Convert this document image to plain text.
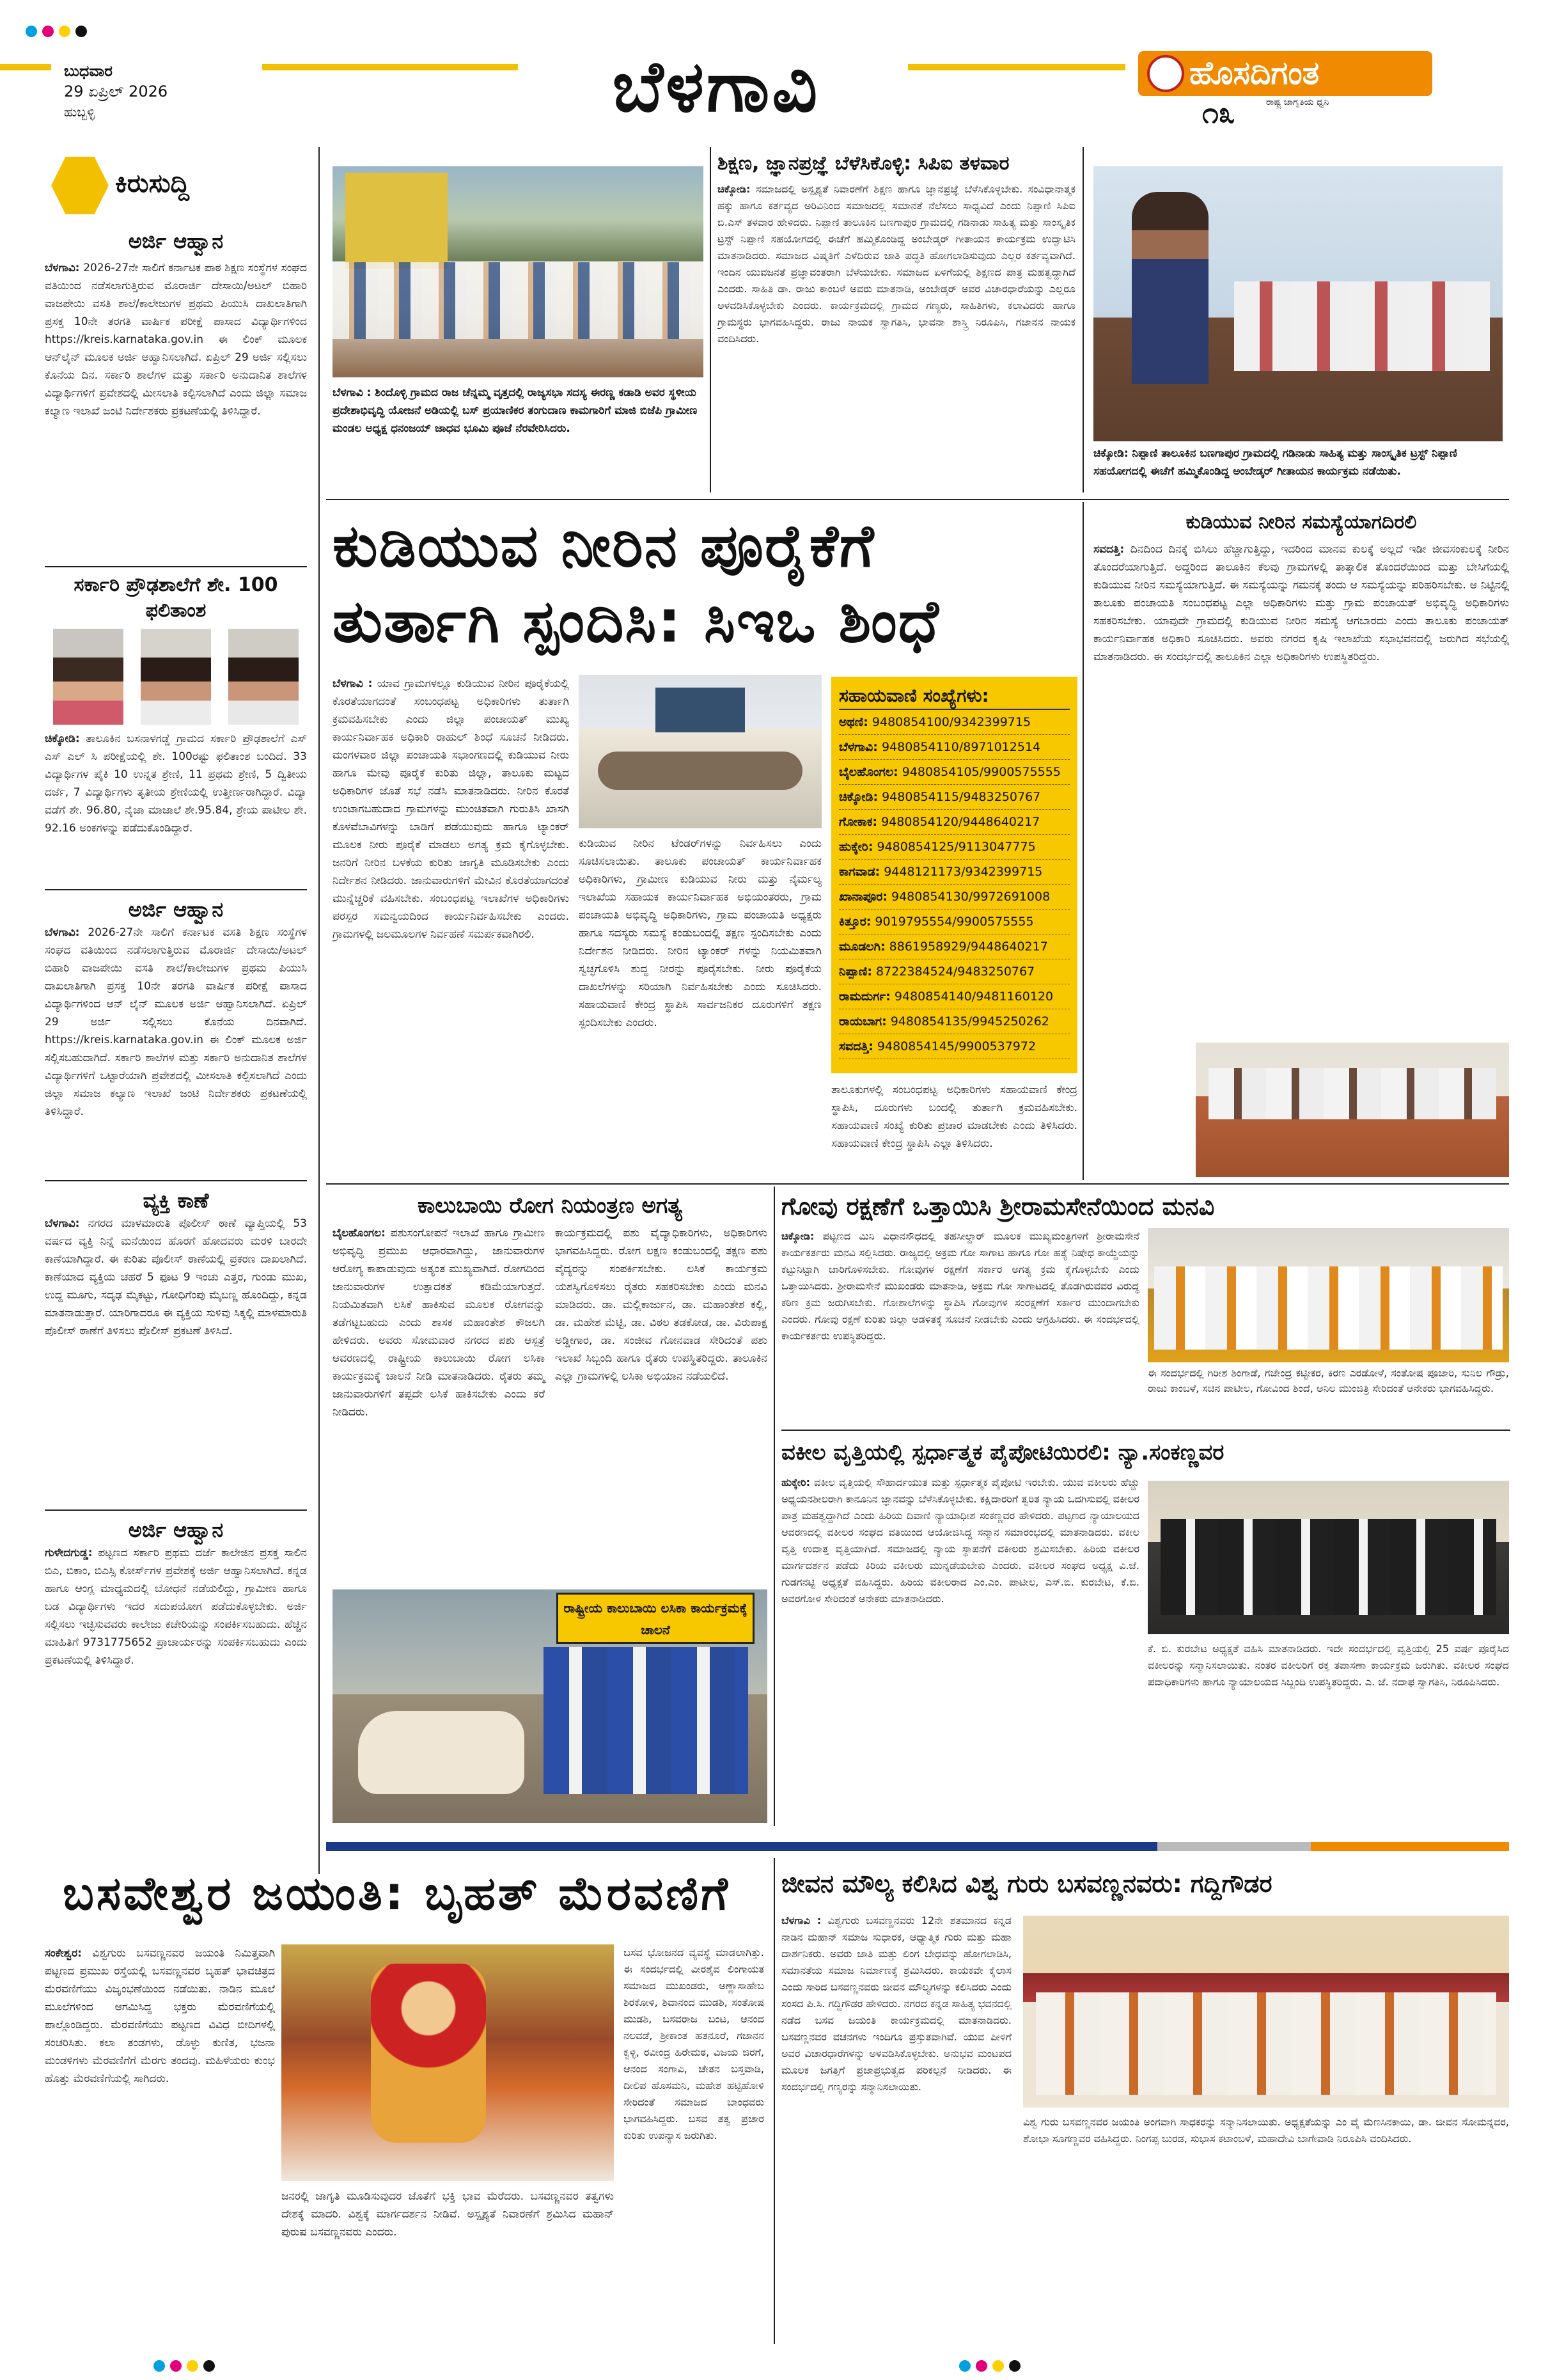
ಬುಧವಾರ
29 ಏಪ್ರಿಲ್ 2026
ಹುಬ್ಬಳ್ಳಿ	ಬೆಳಗಾವಿ	ಹೊಸದಿಗಂತ
ರಾಷ್ಟ್ರ ಜಾಗೃತಿಯ ಧ್ವನಿ
೧೩
ಕಿರುಸುದ್ದಿ
ಅರ್ಜಿ ಆಹ್ವಾನ
ಬೆಳಗಾವಿ: 2026-27ನೇ ಸಾಲಿಗೆ ಕರ್ನಾಟಕ ಪಾಠ ಶಿಕ್ಷಣ ಸಂಸ್ಥೆಗಳ ಸಂಘದ ವತಿಯಿಂದ ನಡೆಸಲಾಗುತ್ತಿರುವ ಮೊರಾರ್ಜಿ ದೇಸಾಯಿ/ಅಟಲ್ ಬಿಹಾರಿ ವಾಜಪೇಯಿ ವಸತಿ ಶಾಲೆ/ಕಾಲೇಜುಗಳ ಪ್ರಥಮ ಪಿಯುಸಿ ದಾಖಲಾತಿಗಾಗಿ ಪ್ರಸಕ್ತ 10ನೇ ತರಗತಿ ವಾರ್ಷಿಕ ಪರೀಕ್ಷೆ ಪಾಸಾದ ವಿದ್ಯಾರ್ಥಿಗಳಿಂದ https://kreis.karnataka.gov.in ಈ ಲಿಂಕ್ ಮೂಲಕ ಆನ್‌ಲೈನ್ ಮೂಲಕ ಅರ್ಜಿ ಆಹ್ವಾನಿಸಲಾಗಿದೆ. ಏಪ್ರಿಲ್ 29 ಅರ್ಜಿ ಸಲ್ಲಿಸಲು ಕೊನೆಯ ದಿನ. ಸರ್ಕಾರಿ ಶಾಲೆಗಳ ಮತ್ತು ಸರ್ಕಾರಿ ಅನುದಾನಿತ ಶಾಲೆಗಳ ವಿದ್ಯಾರ್ಥಿಗಳಿಗೆ ಪ್ರವೇಶದಲ್ಲಿ ಮೀಸಲಾತಿ ಕಲ್ಪಿಸಲಾಗಿದೆ ಎಂದು ಜಿಲ್ಲಾ ಸಮಾಜ ಕಲ್ಯಾಣ ಇಲಾಖೆ ಜಂಟಿ ನಿರ್ದೇಶಕರು ಪ್ರಕಟಣೆಯಲ್ಲಿ ತಿಳಿಸಿದ್ದಾರೆ.
ಸರ್ಕಾರಿ ಪ್ರೌಢಶಾಲೆಗೆ ಶೇ. 100 ಫಲಿತಾಂಶ
ಚಿಕ್ಕೋಡಿ: ತಾಲೂಕಿನ ಬಸನಾಳಗಡ್ಡೆ ಗ್ರಾಮದ ಸರ್ಕಾರಿ ಪ್ರೌಢಶಾಲೆಗೆ ಎಸ್ ಎಸ್ ಎಲ್ ಸಿ ಪರೀಕ್ಷೆಯಲ್ಲಿ ಶೇ. 100ರಷ್ಟು ಫಲಿತಾಂಶ ಬಂದಿದೆ. 33 ವಿದ್ಯಾರ್ಥಿಗಳ ಪೈಕಿ 10 ಉನ್ನತ ಶ್ರೇಣಿ, 11 ಪ್ರಥಮ ಶ್ರೇಣಿ, 5 ದ್ವಿತೀಯ ದರ್ಜೆ, 7 ವಿದ್ಯಾರ್ಥಿಗಳು ತೃತೀಯ ಶ್ರೇಣಿಯಲ್ಲಿ ಉತ್ತೀರ್ಣರಾಗಿದ್ದಾರೆ. ವಿದ್ಯಾ ವಡೆಗೆ ಶೇ. 96.80, ನೈಜಾ ಮಾಜಾಲೆ ಶೇ.95.84, ಶ್ರೇಯ ಪಾಟೀಲ ಶೇ. 92.16 ಅಂಕಗಳನ್ನು ಪಡೆದುಕೊಂಡಿದ್ದಾರೆ.
ಅರ್ಜಿ ಆಹ್ವಾನ
ಬೆಳಗಾವಿ: 2026-27ನೇ ಸಾಲಿಗೆ ಕರ್ನಾಟಕ ವಸತಿ ಶಿಕ್ಷಣ ಸಂಸ್ಥೆಗಳ ಸಂಘದ ವತಿಯಿಂದ ನಡೆಸಲಾಗುತ್ತಿರುವ ಮೊರಾರ್ಜಿ ದೇಸಾಯಿ/ಅಟಲ್ ಬಿಹಾರಿ ವಾಜಪೇಯಿ ವಸತಿ ಶಾಲೆ/ಕಾಲೇಜುಗಳ ಪ್ರಥಮ ಪಿಯುಸಿ ದಾಖಲಾತಿಗಾಗಿ ಪ್ರಸಕ್ತ 10ನೇ ತರಗತಿ ವಾರ್ಷಿಕ ಪರೀಕ್ಷೆ ಪಾಸಾದ ವಿದ್ಯಾರ್ಥಿಗಳಿಂದ ಆನ್ ಲೈನ್ ಮೂಲಕ ಅರ್ಜಿ ಆಹ್ವಾನಿಸಲಾಗಿದೆ. ಏಪ್ರಿಲ್ 29 ಅರ್ಜಿ ಸಲ್ಲಿಸಲು ಕೊನೆಯ ದಿನವಾಗಿದೆ. https://kreis.karnataka.gov.in ಈ ಲಿಂಕ್ ಮೂಲಕ ಅರ್ಜಿ ಸಲ್ಲಿಸಬಹುದಾಗಿದೆ. ಸರ್ಕಾರಿ ಶಾಲೆಗಳ ಮತ್ತು ಸರ್ಕಾರಿ ಅನುದಾನಿತ ಶಾಲೆಗಳ ವಿದ್ಯಾರ್ಥಿಗಳಿಗೆ ಒಟ್ಟಾರೆಯಾಗಿ ಪ್ರವೇಶದಲ್ಲಿ ಮೀಸಲಾತಿ ಕಲ್ಪಿಸಲಾಗಿದೆ ಎಂದು ಜಿಲ್ಲಾ ಸಮಾಜ ಕಲ್ಯಾಣ ಇಲಾಖೆ ಜಂಟಿ ನಿರ್ದೇಶಕರು ಪ್ರಕಟಣೆಯಲ್ಲಿ ತಿಳಿಸಿದ್ದಾರೆ.
ವ್ಯಕ್ತಿ ಕಾಣೆ
ಬೆಳಗಾವಿ: ನಗರದ ಮಾಳಮಾರುತಿ ಪೊಲೀಸ್ ಠಾಣೆ ವ್ಯಾಪ್ತಿಯಲ್ಲಿ 53 ವರ್ಷದ ವ್ಯಕ್ತಿ ನಿನ್ನೆ ಮನೆಯಿಂದ ಹೊರಗೆ ಹೋದವರು ಮರಳಿ ಬಾರದೇ ಕಾಣೆಯಾಗಿದ್ದಾರೆ. ಈ ಕುರಿತು ಪೊಲೀಸ್ ಠಾಣೆಯಲ್ಲಿ ಪ್ರಕರಣ ದಾಖಲಾಗಿದೆ. ಕಾಣೆಯಾದ ವ್ಯಕ್ತಿಯ ಚಹರೆ 5 ಫೂಟ 9 ಇಂಚು ಎತ್ತರ, ಗುಂಡು ಮುಖ, ಉದ್ದ ಮೂಗು, ಸದೃಢ ಮೈಕಟ್ಟು, ಗೋಧಿಗೆಂಪು ಮೈಬಣ್ಣ ಹೊಂದಿದ್ದು, ಕನ್ನಡ ಮಾತನಾಡುತ್ತಾರೆ. ಯಾರಿಗಾದರೂ ಈ ವ್ಯಕ್ತಿಯ ಸುಳಿವು ಸಿಕ್ಕಲ್ಲಿ ಮಾಳಮಾರುತಿ ಪೊಲೀಸ್ ಠಾಣೆಗೆ ತಿಳಿಸಲು ಪೊಲೀಸ್ ಪ್ರಕಟಣೆ ತಿಳಿಸಿದೆ.
ಅರ್ಜಿ ಆಹ್ವಾನ
ಗುಳೇದಗುಡ್ಡ: ಪಟ್ಟಣದ ಸರ್ಕಾರಿ ಪ್ರಥಮ ದರ್ಜೆ ಕಾಲೇಜಿನ ಪ್ರಸಕ್ತ ಸಾಲಿನ ಬಿಎ, ಬಿಕಾಂ, ಬಿಎಸ್ಸಿ ಕೋರ್ಸ್‌ಗಳ ಪ್ರವೇಶಕ್ಕೆ ಅರ್ಜಿ ಆಹ್ವಾನಿಸಲಾಗಿದೆ. ಕನ್ನಡ ಹಾಗೂ ಆಂಗ್ಲ ಮಾಧ್ಯಮದಲ್ಲಿ ಬೋಧನೆ ನಡೆಯಲಿದ್ದು, ಗ್ರಾಮೀಣ ಹಾಗೂ ಬಡ ವಿದ್ಯಾರ್ಥಿಗಳು ಇದರ ಸದುಪಯೋಗ ಪಡೆದುಕೊಳ್ಳಬೇಕು. ಅರ್ಜಿ ಸಲ್ಲಿಸಲು ಇಚ್ಛಿಸುವವರು ಕಾಲೇಜು ಕಚೇರಿಯನ್ನು ಸಂಪರ್ಕಿಸಬಹುದು. ಹೆಚ್ಚಿನ ಮಾಹಿತಿಗೆ 9731775652 ಪ್ರಾಚಾರ್ಯರನ್ನು ಸಂಪರ್ಕಿಸಬಹುದು ಎಂದು ಪ್ರಕಟಣೆಯಲ್ಲಿ ತಿಳಿಸಿದ್ದಾರೆ.
ಬೆಳಗಾವಿ : ಶಿಂದೊಳ್ಳಿ ಗ್ರಾಮದ ರಾಜ ಚೆನ್ನಮ್ಮ ವೃತ್ತದಲ್ಲಿ ರಾಜ್ಯಸಭಾ ಸದಸ್ಯ ಈರಣ್ಣ ಕಡಾಡಿ ಅವರ ಸ್ಥಳೀಯ ಪ್ರದೇಶಾಭಿವೃದ್ಧಿ ಯೋಜನೆ ಅಡಿಯಲ್ಲಿ ಬಸ್ ಪ್ರಯಾಣಿಕರ ತಂಗುದಾಣ ಕಾಮಗಾರಿಗೆ ಮಾಜಿ ಬಿಜೆಪಿ ಗ್ರಾಮೀಣ ಮಂಡಲ ಅಧ್ಯಕ್ಷ ಧನಂಜಯ್ ಜಾಧವ ಭೂಮಿ ಪೂಜೆ ನೆರವೇರಿಸಿದರು.
ಶಿಕ್ಷಣ, ಜ್ಞಾನಪ್ರಜ್ಞೆ ಬೆಳೆಸಿಕೊಳ್ಳಿ: ಸಿಪಿಐ ತಳವಾರ
ಚಿಕ್ಕೋಡಿ: ಸಮಾಜದಲ್ಲಿ ಅಸ್ಪೃಶ್ಯತೆ ನಿವಾರಣೆಗೆ ಶಿಕ್ಷಣ ಹಾಗೂ ಜ್ಞಾನಪ್ರಜ್ಞೆ ಬೆಳೆಸಿಕೊಳ್ಳಬೇಕು. ಸಂವಿಧಾನಾತ್ಮಕ ಹಕ್ಕು ಹಾಗೂ ಕರ್ತವ್ಯದ ಅರಿವಿನಿಂದ ಸಮಾಜದಲ್ಲಿ ಸಮಾನತೆ ನೆಲೆಸಲು ಸಾಧ್ಯವಿದೆ ಎಂದು ನಿಪ್ಪಾಣಿ ಸಿಪಿಐ ಬಿ.ಎಸ್ ತಳವಾರ ಹೇಳಿದರು. ನಿಪ್ಪಾಣಿ ತಾಲೂಕಿನ ಬಣಗಾಪುರ ಗ್ರಾಮದಲ್ಲಿ ಗಡಿನಾಡು ಸಾಹಿತ್ಯ ಮತ್ತು ಸಾಂಸ್ಕೃತಿಕ ಟ್ರಸ್ಟ್ ನಿಪ್ಪಾಣಿ ಸಹಯೋಗದಲ್ಲಿ ಈಚೆಗೆ ಹಮ್ಮಿಕೊಂಡಿದ್ದ ಅಂಬೇಡ್ಕರ್ ಗೀತಾಯನ ಕಾರ್ಯಕ್ರಮ ಉದ್ಘಾಟಿಸಿ ಮಾತನಾಡಿದರು. ಸಮಾಜದ ವಿಷ್ಮತಿಗೆ ಎಳೆದಿರುವ ಜಾತಿ ಪದ್ಧತಿ ಹೋಗಲಾಡಿಸುವುದು ಎಲ್ಲರ ಕರ್ತವ್ಯವಾಗಿದೆ. ಇಂದಿನ ಯುವಜನತೆ ಪ್ರಜ್ಞಾವಂತರಾಗಿ ಬೆಳೆಯಬೇಕು. ಸಮಾಜದ ಏಳಿಗೆಯಲ್ಲಿ ಶಿಕ್ಷಣದ ಪಾತ್ರ ಮಹತ್ವದ್ದಾಗಿದೆ ಎಂದರು. ಸಾಹಿತಿ ಡಾ. ರಾಜು ಕಾಂಬಳೆ ಅವರು ಮಾತನಾಡಿ, ಅಂಬೇಡ್ಕರ್ ಅವರ ವಿಚಾರಧಾರೆಯನ್ನು ಎಲ್ಲರೂ ಅಳವಡಿಸಿಕೊಳ್ಳಬೇಕು ಎಂದರು. ಕಾರ್ಯಕ್ರಮದಲ್ಲಿ ಗ್ರಾಮದ ಗಣ್ಯರು, ಸಾಹಿತಿಗಳು, ಕಲಾವಿದರು ಹಾಗೂ ಗ್ರಾಮಸ್ಥರು ಭಾಗವಹಿಸಿದ್ದರು. ರಾಜು ನಾಯಕ ಸ್ವಾಗತಿಸಿ, ಭಾವನಾ ಶಾಸ್ತ್ರಿ ನಿರೂಪಿಸಿ, ಗಜಾನನ ನಾಯಕ ವಂದಿಸಿದರು.
ಚಿಕ್ಕೋಡಿ: ನಿಪ್ಪಾಣಿ ತಾಲೂಕಿನ ಬಣಗಾಪುರ ಗ್ರಾಮದಲ್ಲಿ ಗಡಿನಾಡು ಸಾಹಿತ್ಯ ಮತ್ತು ಸಾಂಸ್ಕೃತಿಕ ಟ್ರಸ್ಟ್ ನಿಪ್ಪಾಣಿ ಸಹಯೋಗದಲ್ಲಿ ಈಚೆಗೆ ಹಮ್ಮಿಕೊಂಡಿದ್ದ ಅಂಬೇಡ್ಕರ್ ಗೀತಾಯನ ಕಾರ್ಯಕ್ರಮ ನಡೆಯಿತು.
ಕುಡಿಯುವ ನೀರಿನ ಪೂರೈಕೆಗೆ
ತುರ್ತಾಗಿ ಸ್ಪಂದಿಸಿ: ಸಿಇಒ ಶಿಂಧೆ
ಬೆಳಗಾವಿ : ಯಾವ ಗ್ರಾಮಗಳಲ್ಲೂ ಕುಡಿಯುವ ನೀರಿನ ಪೂರೈಕೆಯಲ್ಲಿ ಕೊರತೆಯಾಗದಂತೆ ಸಂಬಂಧಪಟ್ಟ ಅಧಿಕಾರಿಗಳು ತುರ್ತಾಗಿ ಕ್ರಮವಹಿಸಬೇಕು ಎಂದು ಜಿಲ್ಲಾ ಪಂಚಾಯತ್ ಮುಖ್ಯ ಕಾರ್ಯನಿರ್ವಾಹಕ ಅಧಿಕಾರಿ ರಾಹುಲ್ ಶಿಂಧೆ ಸೂಚನೆ ನೀಡಿದರು. ಮಂಗಳವಾರ ಜಿಲ್ಲಾ ಪಂಚಾಯತಿ ಸಭಾಂಗಣದಲ್ಲಿ ಕುಡಿಯುವ ನೀರು ಹಾಗೂ ಮೇವು ಪೂರೈಕೆ ಕುರಿತು ಜಿಲ್ಲಾ, ತಾಲೂಕು ಮಟ್ಟದ ಅಧಿಕಾರಿಗಳ ಜೊತೆ ಸಭೆ ನಡೆಸಿ ಮಾತನಾಡಿದರು. ನೀರಿನ ಕೊರತೆ ಉಂಟಾಗಬಹುದಾದ ಗ್ರಾಮಗಳನ್ನು ಮುಂಚಿತವಾಗಿ ಗುರುತಿಸಿ ಖಾಸಗಿ ಕೊಳವೆಬಾವಿಗಳನ್ನು ಬಾಡಿಗೆ ಪಡೆಯುವುದು ಹಾಗೂ ಟ್ಯಾಂಕರ್ ಮೂಲಕ ನೀರು ಪೂರೈಕೆ ಮಾಡಲು ಅಗತ್ಯ ಕ್ರಮ ಕೈಗೊಳ್ಳಬೇಕು. ಜನರಿಗೆ ನೀರಿನ ಬಳಕೆಯ ಕುರಿತು ಜಾಗೃತಿ ಮೂಡಿಸಬೇಕು ಎಂದು ನಿರ್ದೇಶನ ನೀಡಿದರು. ಜಾನುವಾರುಗಳಿಗೆ ಮೇವಿನ ಕೊರತೆಯಾಗದಂತೆ ಮುನ್ನೆಚ್ಚರಿಕೆ ವಹಿಸಬೇಕು. ಸಂಬಂಧಪಟ್ಟ ಇಲಾಖೆಗಳ ಅಧಿಕಾರಿಗಳು ಪರಸ್ಪರ ಸಮನ್ವಯದಿಂದ ಕಾರ್ಯನಿರ್ವಹಿಸಬೇಕು ಎಂದರು. ಗ್ರಾಮಗಳಲ್ಲಿ ಜಲಮೂಲಗಳ ನಿರ್ವಹಣೆ ಸಮರ್ಪಕವಾಗಿರಲಿ.
ಕುಡಿಯುವ ನೀರಿನ ಟೆಂಡರ್‌ಗಳನ್ನು ನಿರ್ವಹಿಸಲು ಎಂದು ಸೂಚಿಸಲಾಯಿತು. ತಾಲೂಕು ಪಂಚಾಯತ್ ಕಾರ್ಯನಿರ್ವಾಹಕ ಅಧಿಕಾರಿಗಳು, ಗ್ರಾಮೀಣ ಕುಡಿಯುವ ನೀರು ಮತ್ತು ನೈರ್ಮಲ್ಯ ಇಲಾಖೆಯ ಸಹಾಯಕ ಕಾರ್ಯನಿರ್ವಾಹಕ ಅಭಿಯಂತರರು, ಗ್ರಾಮ ಪಂಚಾಯತಿ ಅಭಿವೃದ್ಧಿ ಅಧಿಕಾರಿಗಳು, ಗ್ರಾಮ ಪಂಚಾಯತಿ ಅಧ್ಯಕ್ಷರು ಹಾಗೂ ಸದಸ್ಯರು ಸಮಸ್ಯೆ ಕಂಡುಬಂದಲ್ಲಿ ತಕ್ಷಣ ಸ್ಪಂದಿಸಬೇಕು ಎಂದು ನಿರ್ದೇಶನ ನೀಡಿದರು. ನೀರಿನ ಟ್ಯಾಂಕರ್ ಗಳನ್ನು ನಿಯಮಿತವಾಗಿ ಸ್ವಚ್ಛಗೊಳಿಸಿ ಶುದ್ಧ ನೀರನ್ನು ಪೂರೈಸಬೇಕು. ನೀರು ಪೂರೈಕೆಯ ದಾಖಲೆಗಳನ್ನು ಸರಿಯಾಗಿ ನಿರ್ವಹಿಸಬೇಕು ಎಂದು ಸೂಚಿಸಿದರು. ಸಹಾಯವಾಣಿ ಕೇಂದ್ರ ಸ್ಥಾಪಿಸಿ ಸಾರ್ವಜನಿಕರ ದೂರುಗಳಿಗೆ ತಕ್ಷಣ ಸ್ಪಂದಿಸಬೇಕು ಎಂದರು.
ಸಹಾಯವಾಣಿ ಸಂಖ್ಯೆಗಳು:
ಅಥಣಿ: 9480854100/9342399715
ಬೆಳಗಾವಿ: 9480854110/8971012514
ಬೈಲಹೊಂಗಲ: 9480854105/9900575555
ಚಿಕ್ಕೋಡಿ: 9480854115/9483250767
ಗೋಕಾಕ: 9480854120/9448640217
ಹುಕ್ಕೇರಿ: 9480854125/9113047775
ಕಾಗವಾಡ: 9448121173/9342399715
ಖಾನಾಪೂರ: 9480854130/9972691008
ಕಿತ್ತೂರ: 9019795554/9900575555
ಮೂಡಲಗಿ: 8861958929/9448640217
ನಿಪ್ಪಾಣಿ: 8722384524/9483250767
ರಾಮದುರ್ಗ: 9480854140/9481160120
ರಾಯಬಾಗ: 9480854135/9945250262
ಸವದತ್ತಿ: 9480854145/9900537972
ತಾಲೂಕುಗಳಲ್ಲಿ ಸಂಬಂಧಪಟ್ಟ ಅಧಿಕಾರಿಗಳು ಸಹಾಯವಾಣಿ ಕೇಂದ್ರ ಸ್ಥಾಪಿಸಿ, ದೂರುಗಳು ಬಂದಲ್ಲಿ ತುರ್ತಾಗಿ ಕ್ರಮವಹಿಸಬೇಕು. ಸಹಾಯವಾಣಿ ಸಂಖ್ಯೆ ಕುರಿತು ಪ್ರಚಾರ ಮಾಡಬೇಕು ಎಂದು ತಿಳಿಸಿದರು. ಸಹಾಯವಾಣಿ ಕೇಂದ್ರ ಸ್ಥಾಪಿಸಿ ಎಲ್ಲಾ ತಿಳಿಸಿದರು.
ಕುಡಿಯುವ ನೀರಿನ ಸಮಸ್ಯೆಯಾಗದಿರಲಿ
ಸವದತ್ತಿ: ದಿನದಿಂದ ದಿನಕ್ಕೆ ಬಿಸಿಲು ಹೆಚ್ಚಾಗುತ್ತಿದ್ದು, ಇದರಿಂದ ಮಾನವ ಕುಲಕ್ಕೆ ಅಲ್ಲದೆ ಇಡೀ ಜೀವಸಂಕುಲಕ್ಕೆ ನೀರಿನ ತೊಂದರೆಯಾಗುತ್ತಿದೆ. ಅದ್ದರಿಂದ ತಾಲೂಕಿನ ಕೆಲವು ಗ್ರಾಮಗಳಲ್ಲಿ ತಾತ್ಕಾಲಿಕ ತೊಂದರೆಯಿಂದ ಮತ್ತು ಬೇಸಿಗೆಯಲ್ಲಿ ಕುಡಿಯುವ ನೀರಿನ ಸಮಸ್ಯೆಯಾಗುತ್ತಿದೆ. ಈ ಸಮಸ್ಯೆಯನ್ನು ಗಮನಕ್ಕೆ ತಂದು ಆ ಸಮಸ್ಯೆಯನ್ನು ಪರಿಹರಿಸಬೇಕು. ಆ ನಿಟ್ಟಿನಲ್ಲಿ ತಾಲೂಕು ಪಂಚಾಯತಿ ಸಂಬಂಧಪಟ್ಟ ಎಲ್ಲಾ ಅಧಿಕಾರಿಗಳು ಮತ್ತು ಗ್ರಾಮ ಪಂಚಾಯತ್ ಅಭಿವೃದ್ಧಿ ಅಧಿಕಾರಿಗಳು ಸಹಕರಿಸಬೇಕು. ಯಾವುದೇ ಗ್ರಾಮದಲ್ಲಿ ಕುಡಿಯುವ ನೀರಿನ ಸಮಸ್ಯೆ ಆಗಬಾರದು ಎಂದು ತಾಲೂಕು ಪಂಚಾಯತ್ ಕಾರ್ಯನಿರ್ವಾಹಕ ಅಧಿಕಾರಿ ಸೂಚಿಸಿದರು. ಅವರು ನಗರದ ಕೃಷಿ ಇಲಾಖೆಯ ಸಭಾಭವನದಲ್ಲಿ ಜರುಗಿದ ಸಭೆಯಲ್ಲಿ ಮಾತನಾಡಿದರು. ಈ ಸಂದರ್ಭದಲ್ಲಿ ತಾಲೂಕಿನ ಎಲ್ಲಾ ಅಧಿಕಾರಿಗಳು ಉಪಸ್ಥಿತರಿದ್ದರು.
ಕಾಲುಬಾಯಿ ರೋಗ ನಿಯಂತ್ರಣ ಅಗತ್ಯ
ಬೈಲಹೊಂಗಲ: ಪಶುಸಂಗೋಪನೆ ಇಲಾಖೆ ಹಾಗೂ ಗ್ರಾಮೀಣ ಅಭಿವೃದ್ಧಿ ಪ್ರಮುಖ ಆಧಾರವಾಗಿದ್ದು, ಜಾನುವಾರುಗಳ ಆರೋಗ್ಯ ಕಾಪಾಡುವುದು ಅತ್ಯಂತ ಮುಖ್ಯವಾಗಿದೆ. ರೋಗದಿಂದ ಜಾನುವಾರುಗಳ ಉತ್ಪಾದಕತೆ ಕಡಿಮೆಯಾಗುತ್ತದೆ. ನಿಯಮಿತವಾಗಿ ಲಸಿಕೆ ಹಾಕಿಸುವ ಮೂಲಕ ರೋಗವನ್ನು ತಡೆಗಟ್ಟಬಹುದು ಎಂದು ಶಾಸಕ ಮಹಾಂತೇಶ ಕೌಜಲಗಿ ಹೇಳಿದರು. ಅವರು ಸೋಮವಾರ ನಗರದ ಪಶು ಆಸ್ಪತ್ರೆ ಆವರಣದಲ್ಲಿ ರಾಷ್ಟ್ರೀಯ ಕಾಲುಬಾಯಿ ರೋಗ ಲಸಿಕಾ ಕಾರ್ಯಕ್ರಮಕ್ಕೆ ಚಾಲನೆ ನೀಡಿ ಮಾತನಾಡಿದರು. ರೈತರು ತಮ್ಮ ಜಾನುವಾರುಗಳಿಗೆ ತಪ್ಪದೇ ಲಸಿಕೆ ಹಾಕಿಸಬೇಕು ಎಂದು ಕರೆ ನೀಡಿದರು.
ಕಾರ್ಯಕ್ರಮದಲ್ಲಿ ಪಶು ವೈದ್ಯಾಧಿಕಾರಿಗಳು, ಅಧಿಕಾರಿಗಳು ಭಾಗವಹಿಸಿದ್ದರು. ರೋಗ ಲಕ್ಷಣ ಕಂಡುಬಂದಲ್ಲಿ ತಕ್ಷಣ ಪಶು ವೈದ್ಯರನ್ನು ಸಂಪರ್ಕಿಸಬೇಕು. ಲಸಿಕೆ ಕಾರ್ಯಕ್ರಮ ಯಶಸ್ವಿಗೊಳಿಸಲು ರೈತರು ಸಹಕರಿಸಬೇಕು ಎಂದು ಮನವಿ ಮಾಡಿದರು. ಡಾ. ಮಲ್ಲಿಕಾರ್ಜುನ, ಡಾ. ಮಹಾಂತೇಶ ಕಲ್ಲಿ, ಡಾ. ಮಹೇಶ ಮೆಟ್ಟಿ, ಡಾ. ವಿಠಲ ತಡಕೋಡ, ಡಾ. ವಿರುಪಾಕ್ಷ ಅಡ್ಡೀಗಾರ, ಡಾ. ಸಂಜೀವ ಗೋನವಾಡ ಸೇರಿದಂತೆ ಪಶು ಇಲಾಖೆ ಸಿಬ್ಬಂದಿ ಹಾಗೂ ರೈತರು ಉಪಸ್ಥಿತರಿದ್ದರು. ತಾಲೂಕಿನ ಎಲ್ಲಾ ಗ್ರಾಮಗಳಲ್ಲಿ ಲಸಿಕಾ ಅಭಿಯಾನ ನಡೆಯಲಿದೆ.
ರಾಷ್ಟ್ರೀಯ ಕಾಲುಬಾಯಿ ಲಸಿಕಾ ಕಾರ್ಯಕ್ರಮಕ್ಕೆ ಚಾಲನೆ
ಗೋವು ರಕ್ಷಣೆಗೆ ಒತ್ತಾಯಿಸಿ ಶ್ರೀರಾಮಸೇನೆಯಿಂದ ಮನವಿ
ಚಿಕ್ಕೋಡಿ: ಪಟ್ಟಣದ ಮಿನಿ ವಿಧಾನಸೌಧದಲ್ಲಿ ತಹಸೀಲ್ದಾರ್ ಮೂಲಕ ಮುಖ್ಯಮಂತ್ರಿಗಳಿಗೆ ಶ್ರೀರಾಮಸೇನೆ ಕಾರ್ಯಕರ್ತರು ಮನವಿ ಸಲ್ಲಿಸಿದರು. ರಾಜ್ಯದಲ್ಲಿ ಅಕ್ರಮ ಗೋ ಸಾಗಾಟ ಹಾಗೂ ಗೋ ಹತ್ಯೆ ನಿಷೇಧ ಕಾಯ್ದೆಯನ್ನು ಕಟ್ಟುನಿಟ್ಟಾಗಿ ಜಾರಿಗೊಳಿಸಬೇಕು. ಗೋವುಗಳ ರಕ್ಷಣೆಗೆ ಸರ್ಕಾರ ಅಗತ್ಯ ಕ್ರಮ ಕೈಗೊಳ್ಳಬೇಕು ಎಂದು ಒತ್ತಾಯಿಸಿದರು. ಶ್ರೀರಾಮಸೇನೆ ಮುಖಂಡರು ಮಾತನಾಡಿ, ಅಕ್ರಮ ಗೋ ಸಾಗಾಟದಲ್ಲಿ ತೊಡಗಿರುವವರ ವಿರುದ್ಧ ಕಠಿಣ ಕ್ರಮ ಜರುಗಿಸಬೇಕು. ಗೋಶಾಲೆಗಳನ್ನು ಸ್ಥಾಪಿಸಿ ಗೋವುಗಳ ಸಂರಕ್ಷಣೆಗೆ ಸರ್ಕಾರ ಮುಂದಾಗಬೇಕು ಎಂದರು. ಗೋವು ರಕ್ಷಣೆ ಕುರಿತು ಜಿಲ್ಲಾ ಆಡಳಿತಕ್ಕೆ ಸೂಚನೆ ನೀಡಬೇಕು ಎಂದು ಆಗ್ರಹಿಸಿದರು. ಈ ಸಂದರ್ಭದಲ್ಲಿ ಕಾರ್ಯಕರ್ತರು ಉಪಸ್ಥಿತರಿದ್ದರು.
ಈ ಸಂದರ್ಭದಲ್ಲಿ ಗಿರೀಶ ಶಿಂಗಾಡೆ, ಗಜೇಂದ್ರ ಕಟ್ಟೀಕರ, ಕಿರಣ ಎರಡೋಳೆ, ಸಂತೋಷ ಪೂಜಾರಿ, ಸುನಿಲ ಗೌಡ್ರು, ರಾಜು ಕಾಂಬಳೆ, ಸಚಿನ ಪಾಟೀಲ, ಗೋವಿಂದ ಶಿಂದೆ, ಅನಿಲ ಮುಂಜಿತ್ರಿ ಸೇರಿದಂತೆ ಅನೇಕರು ಭಾಗವಹಿಸಿದ್ದರು.
ವಕೀಲ ವೃತ್ತಿಯಲ್ಲಿ ಸ್ಪರ್ಧಾತ್ಮಕ ಪೈಪೋಟಿಯಿರಲಿ: ನ್ಯಾ.ಸಂಕಣ್ಣವರ
ಹುಕ್ಕೇರಿ: ವಕೀಲ ವೃತ್ತಿಯಲ್ಲಿ ಸೌಹಾರ್ದಯುತ ಮತ್ತು ಸ್ಪರ್ಧಾತ್ಮಕ ಪೈಪೋಟಿ ಇರಬೇಕು. ಯುವ ವಕೀಲರು ಹೆಚ್ಚು ಅಧ್ಯಯನಶೀಲರಾಗಿ ಕಾನೂನಿನ ಜ್ಞಾನವನ್ನು ಬೆಳೆಸಿಕೊಳ್ಳಬೇಕು. ಕಕ್ಷಿದಾರರಿಗೆ ತ್ವರಿತ ನ್ಯಾಯ ಒದಗಿಸುವಲ್ಲಿ ವಕೀಲರ ಪಾತ್ರ ಮಹತ್ವದ್ದಾಗಿದೆ ಎಂದು ಹಿರಿಯ ದಿವಾಣಿ ನ್ಯಾಯಾಧೀಶ ಸಂಕಣ್ಣವರ ಹೇಳಿದರು. ಪಟ್ಟಣದ ನ್ಯಾಯಾಲಯದ ಆವರಣದಲ್ಲಿ ವಕೀಲರ ಸಂಘದ ವತಿಯಿಂದ ಆಯೋಜಿಸಿದ್ದ ಸನ್ಮಾನ ಸಮಾರಂಭದಲ್ಲಿ ಮಾತನಾಡಿದರು. ವಕೀಲ ವೃತ್ತಿ ಉದಾತ್ತ ವೃತ್ತಿಯಾಗಿದೆ. ಸಮಾಜದಲ್ಲಿ ನ್ಯಾಯ ಸ್ಥಾಪನೆಗೆ ವಕೀಲರು ಶ್ರಮಿಸಬೇಕು. ಹಿರಿಯ ವಕೀಲರ ಮಾರ್ಗದರ್ಶನ ಪಡೆದು ಕಿರಿಯ ವಕೀಲರು ಮುನ್ನಡೆಯಬೇಕು ಎಂದರು. ವಕೀಲರ ಸಂಘದ ಅಧ್ಯಕ್ಷ ವಿ.ಜೆ. ಗುಡಗನಟ್ಟಿ ಅಧ್ಯಕ್ಷತೆ ವಹಿಸಿದ್ದರು. ಹಿರಿಯ ವಕೀಲರಾದ ಎಂ.ಎಂ. ಪಾಟೀಲ, ಎಸ್.ಬಿ. ಕುರಬೇಟ, ಕೆ.ಬಿ. ಅವರಗೋಳ ಸೇರಿದಂತೆ ಅನೇಕರು ಮಾತನಾಡಿದರು.
ಕೆ. ಬಿ. ಕುರಬೇಟ ಅಧ್ಯಕ್ಷತೆ ವಹಿಸಿ ಮಾತನಾಡಿದರು. ಇದೇ ಸಂದರ್ಭದಲ್ಲಿ ವೃತ್ತಿಯಲ್ಲಿ 25 ವರ್ಷ ಪೂರೈಸಿದ ವಕೀಲರನ್ನು ಸನ್ಮಾನಿಸಲಾಯಿತು. ನಂತರ ವಕೀಲರಿಗೆ ರಕ್ತ ತಪಾಸಣಾ ಕಾರ್ಯಕ್ರಮ ಜರುಗಿತು. ವಕೀಲರ ಸಂಘದ ಪದಾಧಿಕಾರಿಗಳು ಹಾಗೂ ನ್ಯಾಯಾಲಯದ ಸಿಬ್ಬಂದಿ ಉಪಸ್ಥಿತರಿದ್ದರು. ಎ. ಜೆ. ನದಾಫ ಸ್ವಾಗತಿಸಿ, ನಿರೂಪಿಸಿದರು.
ಬಸವೇಶ್ವರ ಜಯಂತಿ: ಬೃಹತ್ ಮೆರವಣಿಗೆ
ಸಂಕೇಶ್ವರ: ವಿಶ್ವಗುರು ಬಸವಣ್ಣನವರ ಜಯಂತಿ ನಿಮಿತ್ತವಾಗಿ ಪಟ್ಟಣದ ಪ್ರಮುಖ ರಸ್ತೆಯಲ್ಲಿ ಬಸವಣ್ಣನವರ ಬೃಹತ್ ಭಾವಚಿತ್ರದ ಮೆರವಣಿಗೆಯು ವಿಜೃಂಭಣೆಯಿಂದ ನಡೆಯಿತು. ನಾಡಿನ ಮೂಲೆ ಮೂಲೆಗಳಿಂದ ಆಗಮಿಸಿದ್ದ ಭಕ್ತರು ಮೆರವಣಿಗೆಯಲ್ಲಿ ಪಾಲ್ಗೊಂಡಿದ್ದರು. ಮೆರವಣಿಗೆಯು ಪಟ್ಟಣದ ವಿವಿಧ ಬೀದಿಗಳಲ್ಲಿ ಸಂಚರಿಸಿತು. ಕಲಾ ತಂಡಗಳು, ಡೊಳ್ಳು ಕುಣಿತ, ಭಜನಾ ಮಂಡಳಿಗಳು ಮೆರವಣಿಗೆಗೆ ಮೆರಗು ತಂದವು. ಮಹಿಳೆಯರು ಕುಂಭ ಹೊತ್ತು ಮೆರವಣಿಗೆಯಲ್ಲಿ ಸಾಗಿದರು.
ಜನರಲ್ಲಿ ಜಾಗೃತಿ ಮೂಡಿಸುವುದರ ಜೊತೆಗೆ ಭಕ್ತಿ ಭಾವ ಮೆರೆದರು. ಬಸವಣ್ಣನವರ ತತ್ವಗಳು ದೇಶಕ್ಕೆ ಮಾದರಿ. ವಿಶ್ವಕ್ಕೆ ಮಾರ್ಗದರ್ಶನ ನೀಡಿವೆ. ಅಸ್ಪೃಶ್ಯತೆ ನಿವಾರಣೆಗೆ ಶ್ರಮಿಸಿದ ಮಹಾನ್ ಪುರುಷ ಬಸವಣ್ಣನವರು ಎಂದರು.
ಬಸವ ಭೋಜನದ ವ್ಯವಸ್ಥೆ ಮಾಡಲಾಗಿತ್ತು. ಈ ಸಂದರ್ಭದಲ್ಲಿ ವೀರಶೈವ ಲಿಂಗಾಯತ ಸಮಾಜದ ಮುಖಂಡರು, ಅಣ್ಣಾಸಾಹೇಬ ಶಿರಕೋಳಿ, ಶಿವಾನಂದ ಮುಡಶಿ, ಸಂತೋಷ ಮುಡಶಿ, ಬಸವರಾಜ ಬಂಟ, ಆನಂದ ನಲವಡೆ, ಶ್ರೀಕಾಂತ ಹತನೂರೆ, ಗಜಾನನ ಕ್ವಳ್ಳಿ, ರವೀಂದ್ರ ಹಿರೇಮಠ, ವಿಜಯ ಜಿರಗೆ, ಆನಂದ ಸಂಗಾವಿ, ಚೇತನ ಬಸ್ತವಾಡಿ, ದೀಲಿಪ ಹೊಸಮನಿ, ಮಹೇಶ ಹಟ್ಟಿಹೋಳಿ ಸೇರಿದಂತೆ ಸಮಾಜದ ಬಾಂಧವರು ಭಾಗವಹಿಸಿದ್ದರು. ಬಸವ ತತ್ವ ಪ್ರಚಾರ ಕುರಿತು ಉಪನ್ಯಾಸ ಜರುಗಿತು.
ಜೀವನ ಮೌಲ್ಯ ಕಲಿಸಿದ ವಿಶ್ವ ಗುರು ಬಸವಣ್ಣನವರು: ಗದ್ದಿಗೌಡರ
ಬೆಳಗಾವಿ : ವಿಶ್ವಗುರು ಬಸವಣ್ಣನವರು 12ನೇ ಶತಮಾನದ ಕನ್ನಡ ನಾಡಿನ ಮಹಾನ್ ಸಮಾಜ ಸುಧಾರಕ, ಆಧ್ಯಾತ್ಮಿಕ ಗುರು ಮತ್ತು ಮಹಾ ದಾರ್ಶನಿಕರು. ಅವರು ಜಾತಿ ಮತ್ತು ಲಿಂಗ ಬೇಧವನ್ನು ಹೋಗಲಾಡಿಸಿ, ಸಮಾನತೆಯ ಸಮಾಜ ನಿರ್ಮಾಣಕ್ಕೆ ಶ್ರಮಿಸಿದರು. ಕಾಯಕವೇ ಕೈಲಾಸ ಎಂದು ಸಾರಿದ ಬಸವಣ್ಣನವರು ಜೀವನ ಮೌಲ್ಯಗಳನ್ನು ಕಲಿಸಿದರು ಎಂದು ಸಂಸದ ಪಿ.ಸಿ. ಗದ್ದಿಗೌಡರ ಹೇಳಿದರು. ನಗರದ ಕನ್ನಡ ಸಾಹಿತ್ಯ ಭವನದಲ್ಲಿ ನಡೆದ ಬಸವ ಜಯಂತಿ ಕಾರ್ಯಕ್ರಮದಲ್ಲಿ ಮಾತನಾಡಿದರು. ಬಸವಣ್ಣನವರ ವಚನಗಳು ಇಂದಿಗೂ ಪ್ರಸ್ತುತವಾಗಿವೆ. ಯುವ ಪೀಳಿಗೆ ಅವರ ವಿಚಾರಧಾರೆಗಳನ್ನು ಅಳವಡಿಸಿಕೊಳ್ಳಬೇಕು. ಅನುಭವ ಮಂಟಪದ ಮೂಲಕ ಜಗತ್ತಿಗೆ ಪ್ರಜಾಪ್ರಭುತ್ವದ ಪರಿಕಲ್ಪನೆ ನೀಡಿದರು. ಈ ಸಂದರ್ಭದಲ್ಲಿ ಗಣ್ಯರನ್ನು ಸನ್ಮಾನಿಸಲಾಯಿತು.
ವಿಶ್ವ ಗುರು ಬಸವಣ್ಣನವರ ಜಯಂತಿ ಅಂಗವಾಗಿ ಸಾಧಕರನ್ನು ಸನ್ಮಾನಿಸಲಾಯಿತು. ಅಧ್ಯಕ್ಷತೆಯನ್ನು ಎಂ ವೈ ಮೆಣಸಿನಕಾಯಿ, ಡಾ. ಜೀವನ ಸೋಮನ್ನವರ, ಶೋಭಾ ಸೂಗಣ್ಣವರ ವಹಿಸಿದ್ದರು. ನಿಂಗಪ್ಪ ಬುರಡ, ಸುಭಾಸ ಕಟಾಂಬಳೆ, ಮಹಾದೇವಿ ಬಾಗೇವಾಡಿ ನಿರೂಪಿಸಿ ವಂದಿಸಿದರು.
